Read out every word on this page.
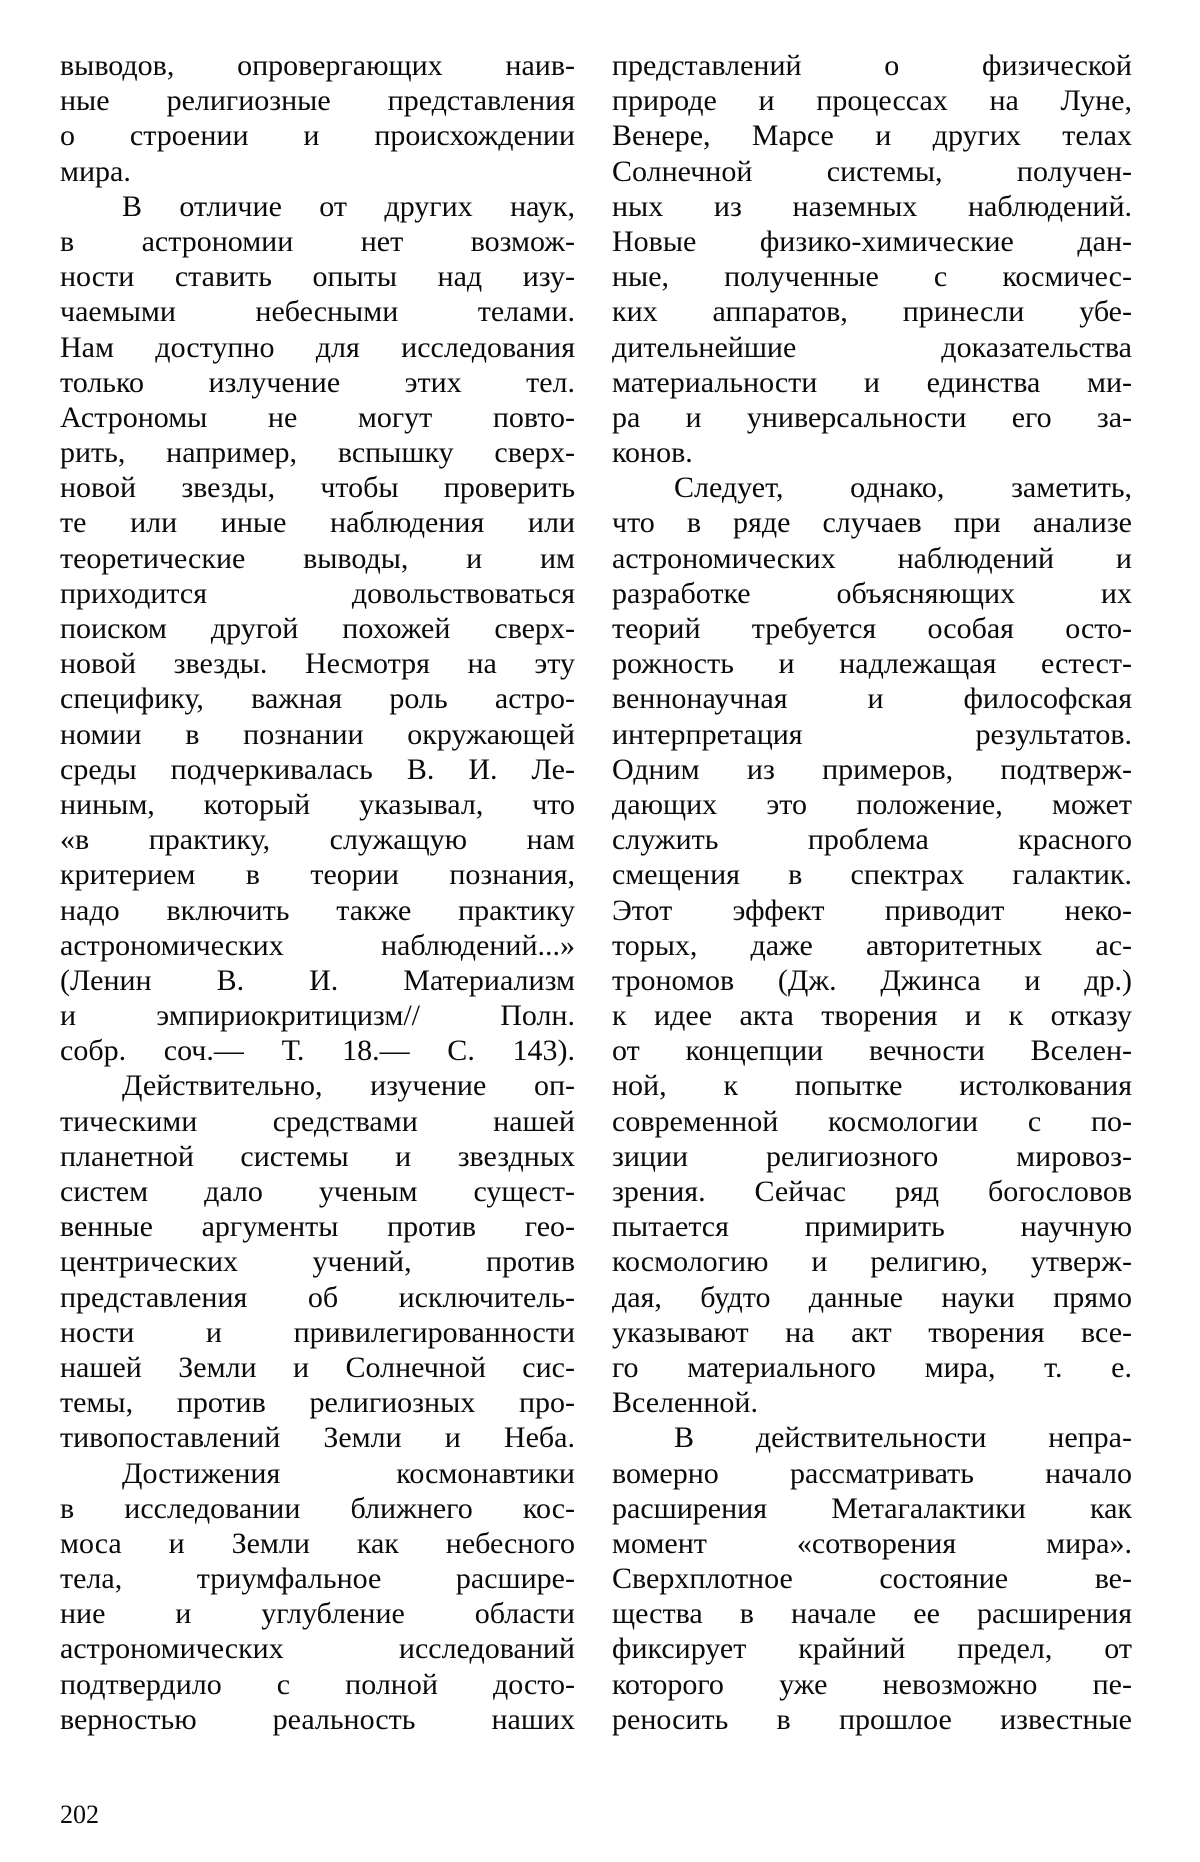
выводов, опровергающих наив-
ные религиозные представления
о строении и происхождении
мира.
В отличие от других наук,
в астрономии нет возмож-
ности ставить опыты над изу-
чаемыми небесными телами.
Нам доступно для исследования
только излучение этих тел.
Астрономы не могут повто-
рить, например, вспышку сверх-
новой звезды, чтобы проверить
те или иные наблюдения или
теоретические выводы, и им
приходится довольствоваться
поиском другой похожей сверх-
новой звезды. Несмотря на эту
специфику, важная роль астро-
номии в познании окружающей
среды подчеркивалась В. И. Ле-
ниным, который указывал, что
«в практику, служащую нам
критерием в теории познания,
надо включить также практику
астрономических наблюдений...»
(Ленин В. И. Материализм
и эмпириокритицизм// Полн.
собр. соч.— Т. 18.— С. 143).
Действительно, изучение оп-
тическими средствами нашей
планетной системы и звездных
систем дало ученым сущест-
венные аргументы против гео-
центрических учений, против
представления об исключитель-
ности и привилегированности
нашей Земли и Солнечной сис-
темы, против религиозных про-
тивопоставлений Земли и Неба.
Достижения космонавтики
в исследовании ближнего кос-
моса и Земли как небесного
тела, триумфальное расшире-
ние и углубление области
астрономических исследований
подтвердило с полной досто-
верностью реальность наших
представлений о физической
природе и процессах на Луне,
Венере, Марсе и других телах
Солнечной системы, получен-
ных из наземных наблюдений.
Новые физико-химические дан-
ные, полученные с космичес-
ких аппаратов, принесли убе-
дительнейшие доказательства
материальности и единства ми-
ра и универсальности его за-
конов.
Следует, однако, заметить,
что в ряде случаев при анализе
астрономических наблюдений и
разработке объясняющих их
теорий требуется особая осто-
рожность и надлежащая естест-
веннонаучная и философская
интерпретация результатов.
Одним из примеров, подтверж-
дающих это положение, может
служить проблема красного
смещения в спектрах галактик.
Этот эффект приводит неко-
торых, даже авторитетных ас-
трономов (Дж. Джинса и др.)
к идее акта творения и к отказу
от концепции вечности Вселен-
ной, к попытке истолкования
современной космологии с по-
зиции религиозного мировоз-
зрения. Сейчас ряд богословов
пытается примирить научную
космологию и религию, утверж-
дая, будто данные науки прямо
указывают на акт творения все-
го материального мира, т. е.
Вселенной.
В действительности непра-
вомерно рассматривать начало
расширения Метагалактики как
момент «сотворения мира».
Сверхплотное состояние ве-
щества в начале ее расширения
фиксирует крайний предел, от
которого уже невозможно пе-
реносить в прошлое известные
202
